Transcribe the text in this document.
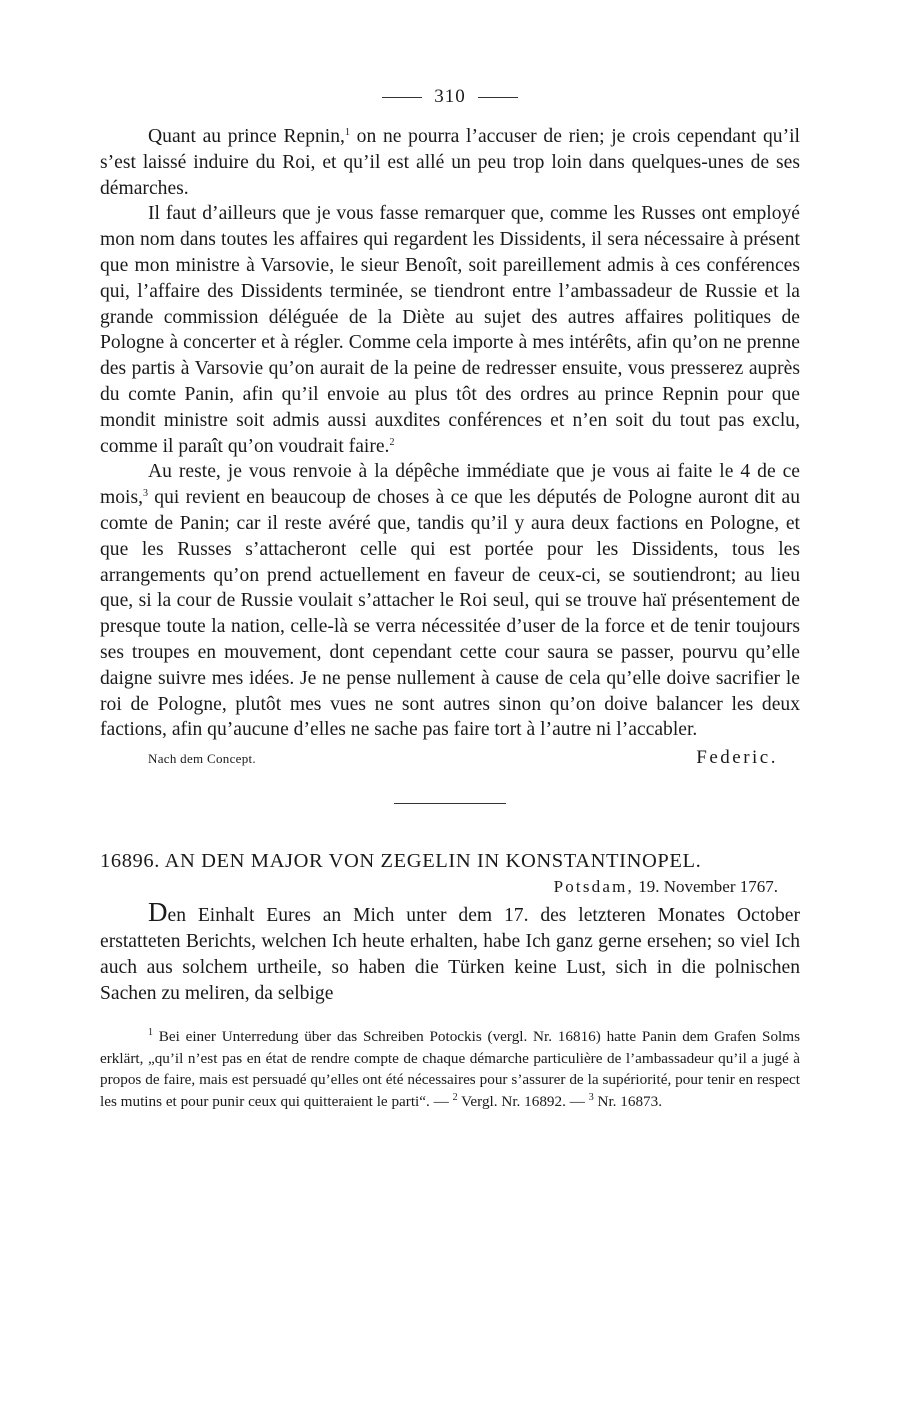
310

Quant au prince Repnin,$^1$ on ne pourra l’accuser de rien; je crois cependant qu’il s’est laissé induire du Roi, et qu’il est allé un peu trop loin dans quelques-unes de ses démarches.

Il faut d’ailleurs que je vous fasse remarquer que, comme les Russes ont employé mon nom dans toutes les affaires qui regardent les Dissidents, il sera nécessaire à présent que mon ministre à Varsovie, le sieur Benoît, soit pareillement admis à ces conférences qui, l’affaire des Dissidents terminée, se tiendront entre l’ambassadeur de Russie et la grande commission déléguée de la Diète au sujet des autres affaires politiques de Pologne à concerter et à régler. Comme cela importe à mes intérêts, afin qu’on ne prenne des partis à Varsovie qu’on aurait de la peine de redresser ensuite, vous presserez auprès du comte Panin, afin qu’il envoie au plus tôt des ordres au prince Repnin pour que mondit ministre soit admis aussi auxdites conférences et n’en soit du tout pas exclu, comme il paraît qu’on voudrait faire.$^2$

Au reste, je vous renvoie à la dépêche immédiate que je vous ai faite le 4 de ce mois,$^3$ qui revient en beaucoup de choses à ce que les députés de Pologne auront dit au comte de Panin; car il reste avéré que, tandis qu’il y aura deux factions en Pologne, et que les Russes s’attacheront celle qui est portée pour les Dissidents, tous les arrangements qu’on prend actuellement en faveur de ceux-ci, se soutiendront; au lieu que, si la cour de Russie voulait s’attacher le Roi seul, qui se trouve haï présentement de presque toute la nation, celle-là se verra nécessitée d’user de la force et de tenir toujours ses troupes en mouvement, dont cependant cette cour saura se passer, pourvu qu’elle daigne suivre mes idées. Je ne pense nullement à cause de cela qu’elle doive sacrifier le roi de Pologne, plutôt mes vues ne sont autres sinon qu’on doive balancer les deux factions, afin qu’aucune d’elles ne sache pas faire tort à l’autre ni l’accabler.

Nach dem Concept.	Federic.
16896. AN DEN MAJOR VON ZEGELIN IN KONSTANTINOPEL.
Potsdam, 19. November 1767.

Den Einhalt Eures an Mich unter dem 17. des letzteren Monates October erstatteten Berichts, welchen Ich heute erhalten, habe Ich ganz gerne ersehen; so viel Ich auch aus solchem urtheile, so haben die Türken keine Lust, sich in die polnischen Sachen zu meliren, da selbige

$^1$ Bei einer Unterredung über das Schreiben Potockis (vergl. Nr. 16816) hatte Panin dem Grafen Solms erklärt, „qu’il n’est pas en état de rendre compte de chaque démarche particulière de l’ambassadeur qu’il a jugé à propos de faire, mais est persuadé qu’elles ont été nécessaires pour s’assurer de la supériorité, pour tenir en respect les mutins et pour punir ceux qui quitteraient le parti“. — $^2$ Vergl. Nr. 16892. — $^3$ Nr. 16873.
